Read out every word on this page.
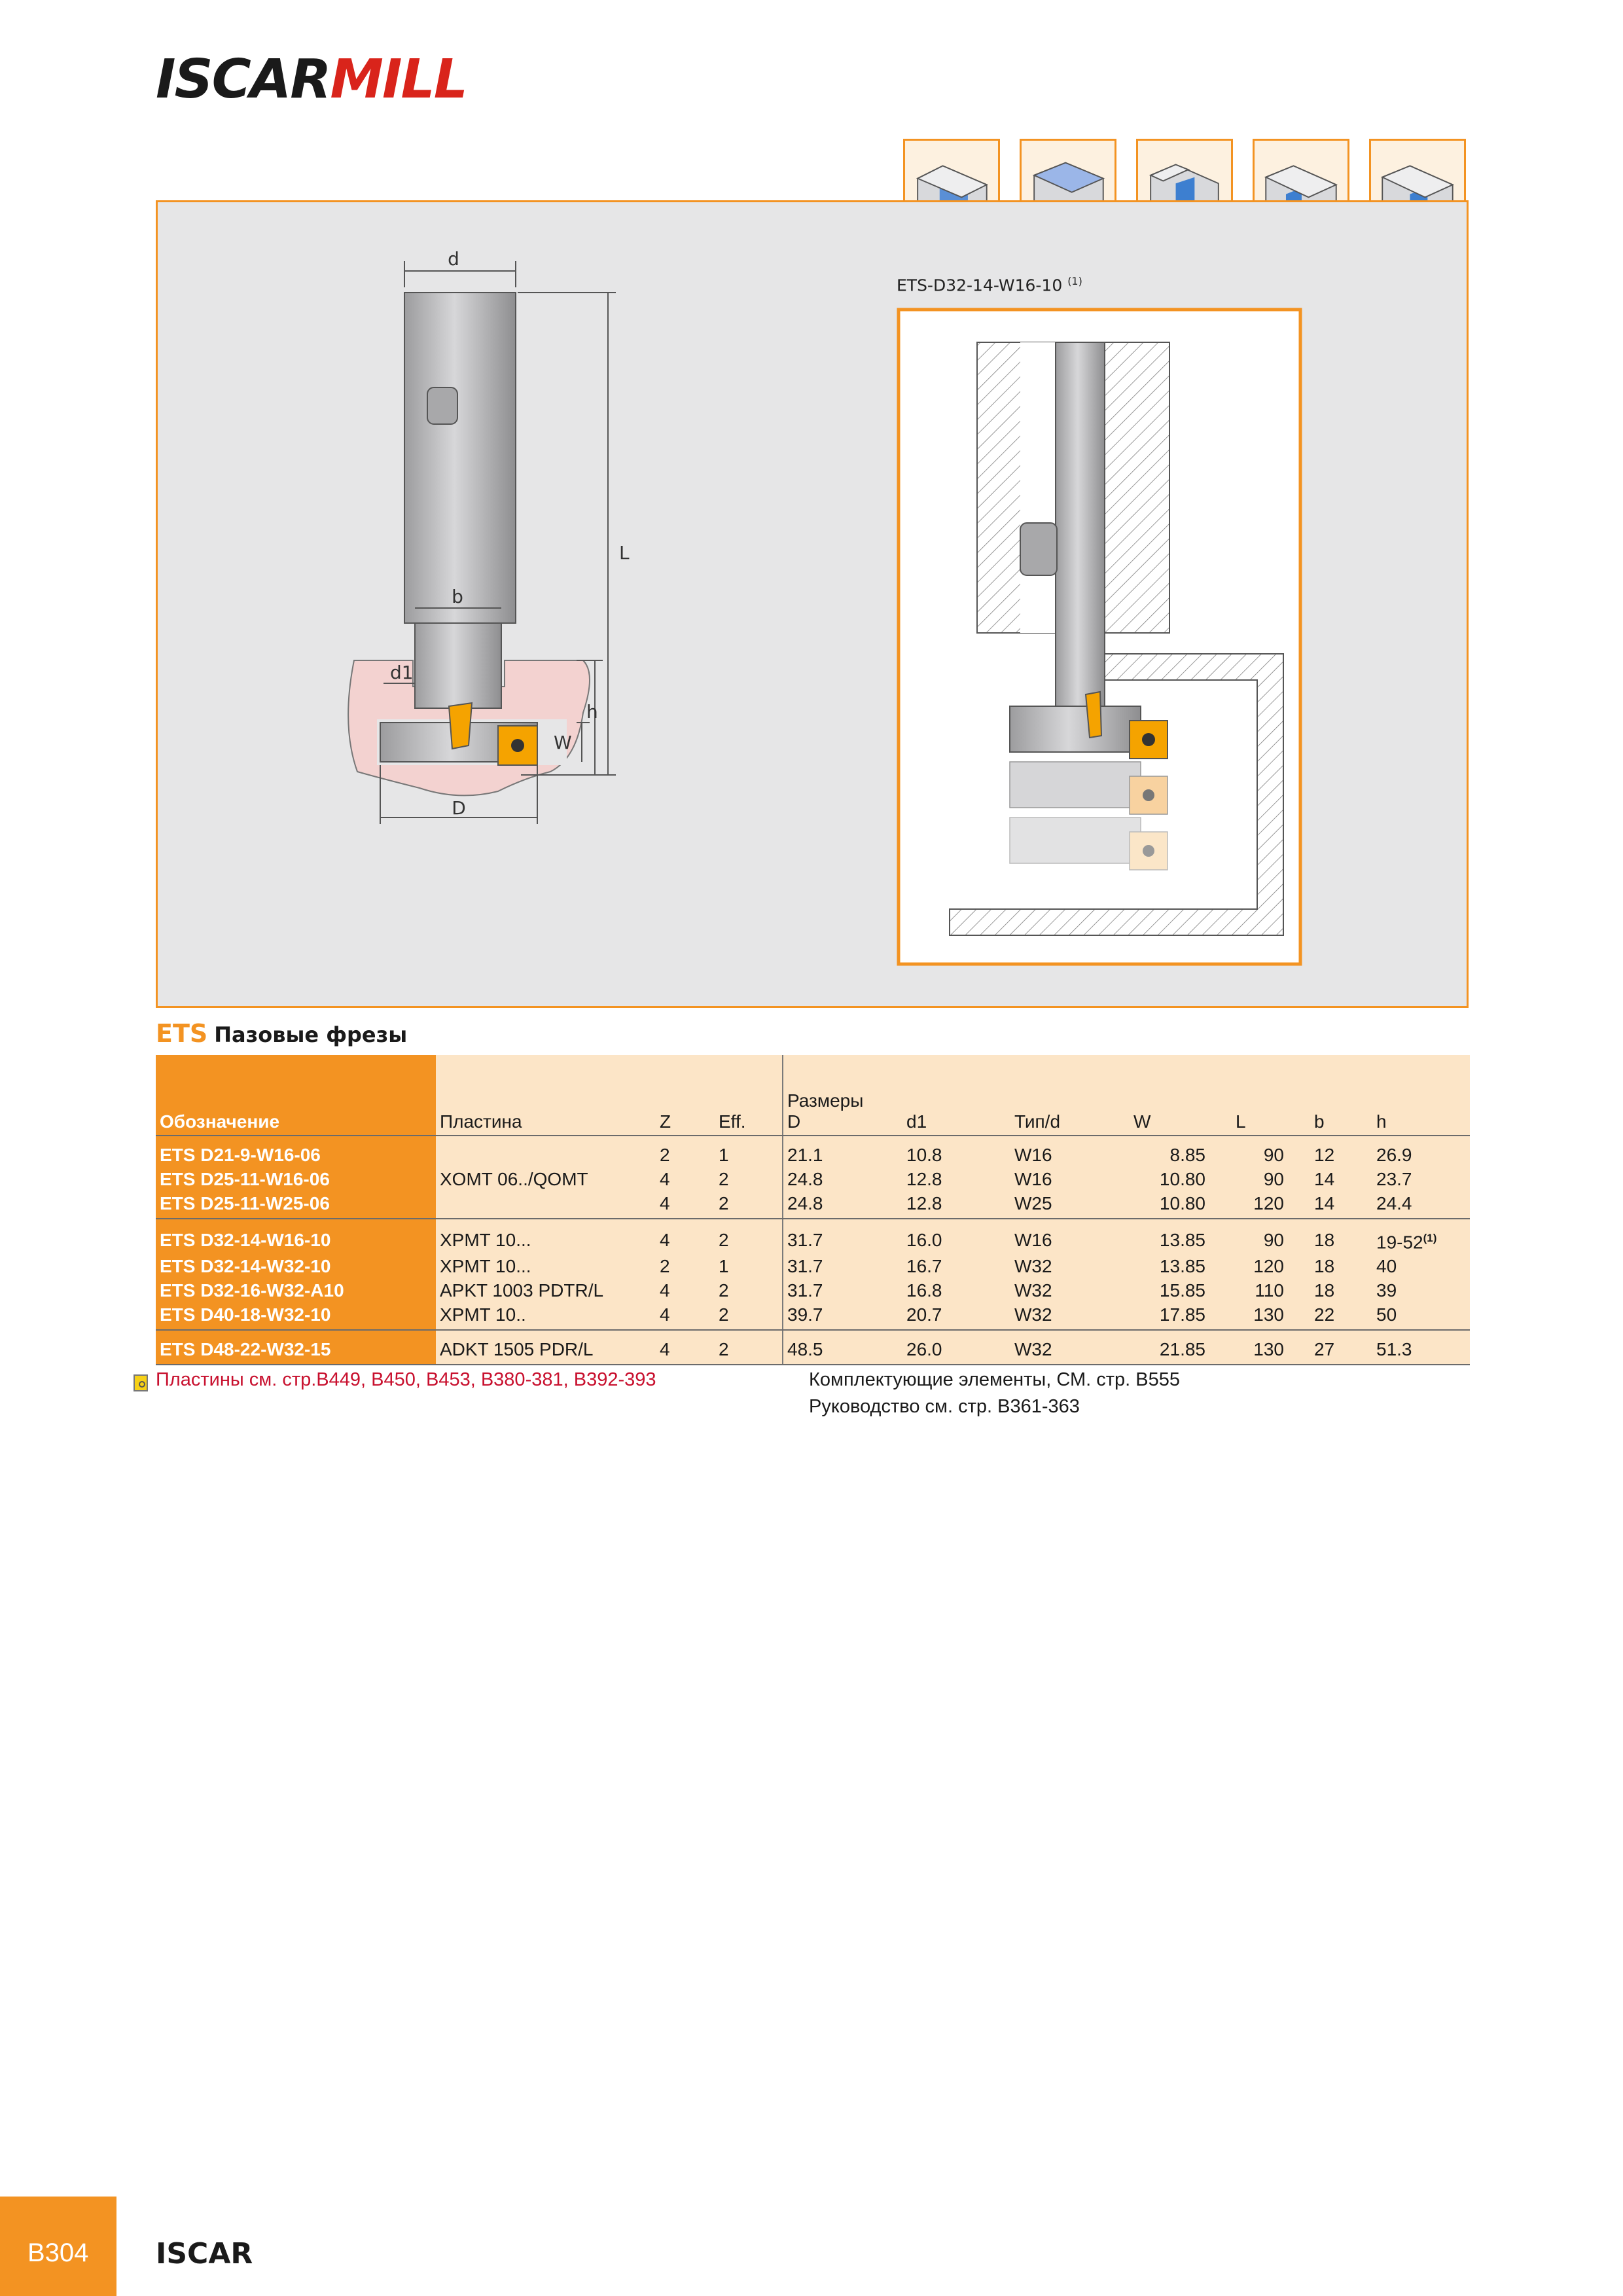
ISCARMILL
d
L
b
d1
h
W
D
ETS-D32-14-W16-10 $^{(1)}$
ETS Пазовые фрезы
Обозначение	Пластина	Z	Eff.	Размеры
D	d1	Тип/d	W	L	b	h
ETS D21-9-W16-06		2	1	21.1	10.8	W16	8.85	90	12	26.9
ETS D25-11-W16-06	XOMT 06../QOMT	4	2	24.8	12.8	W16	10.80	90	14	23.7
ETS D25-11-W25-06		4	2	24.8	12.8	W25	10.80	120	14	24.4
ETS D32-14-W16-10	XPMT 10...	4	2	31.7	16.0	W16	13.85	90	18	19-52$^{(1)}$
ETS D32-14-W32-10	XPMT 10...	2	1	31.7	16.7	W32	13.85	120	18	40
ETS D32-16-W32-A10	APKT 1003 PDTR/L	4	2	31.7	16.8	W32	15.85	110	18	39
ETS D40-18-W32-10	XPMT 10..	4	2	39.7	20.7	W32	17.85	130	22	50
ETS D48-22-W32-15	ADKT 1505 PDR/L	4	2	48.5	26.0	W32	21.85	130	27	51.3
Пластины см. стр.B449, B450, B453, B380-381, B392-393	Комплектующие элементы, СМ. стр. B555
Руководство см. стр. B361-363
B304 ISCAR
